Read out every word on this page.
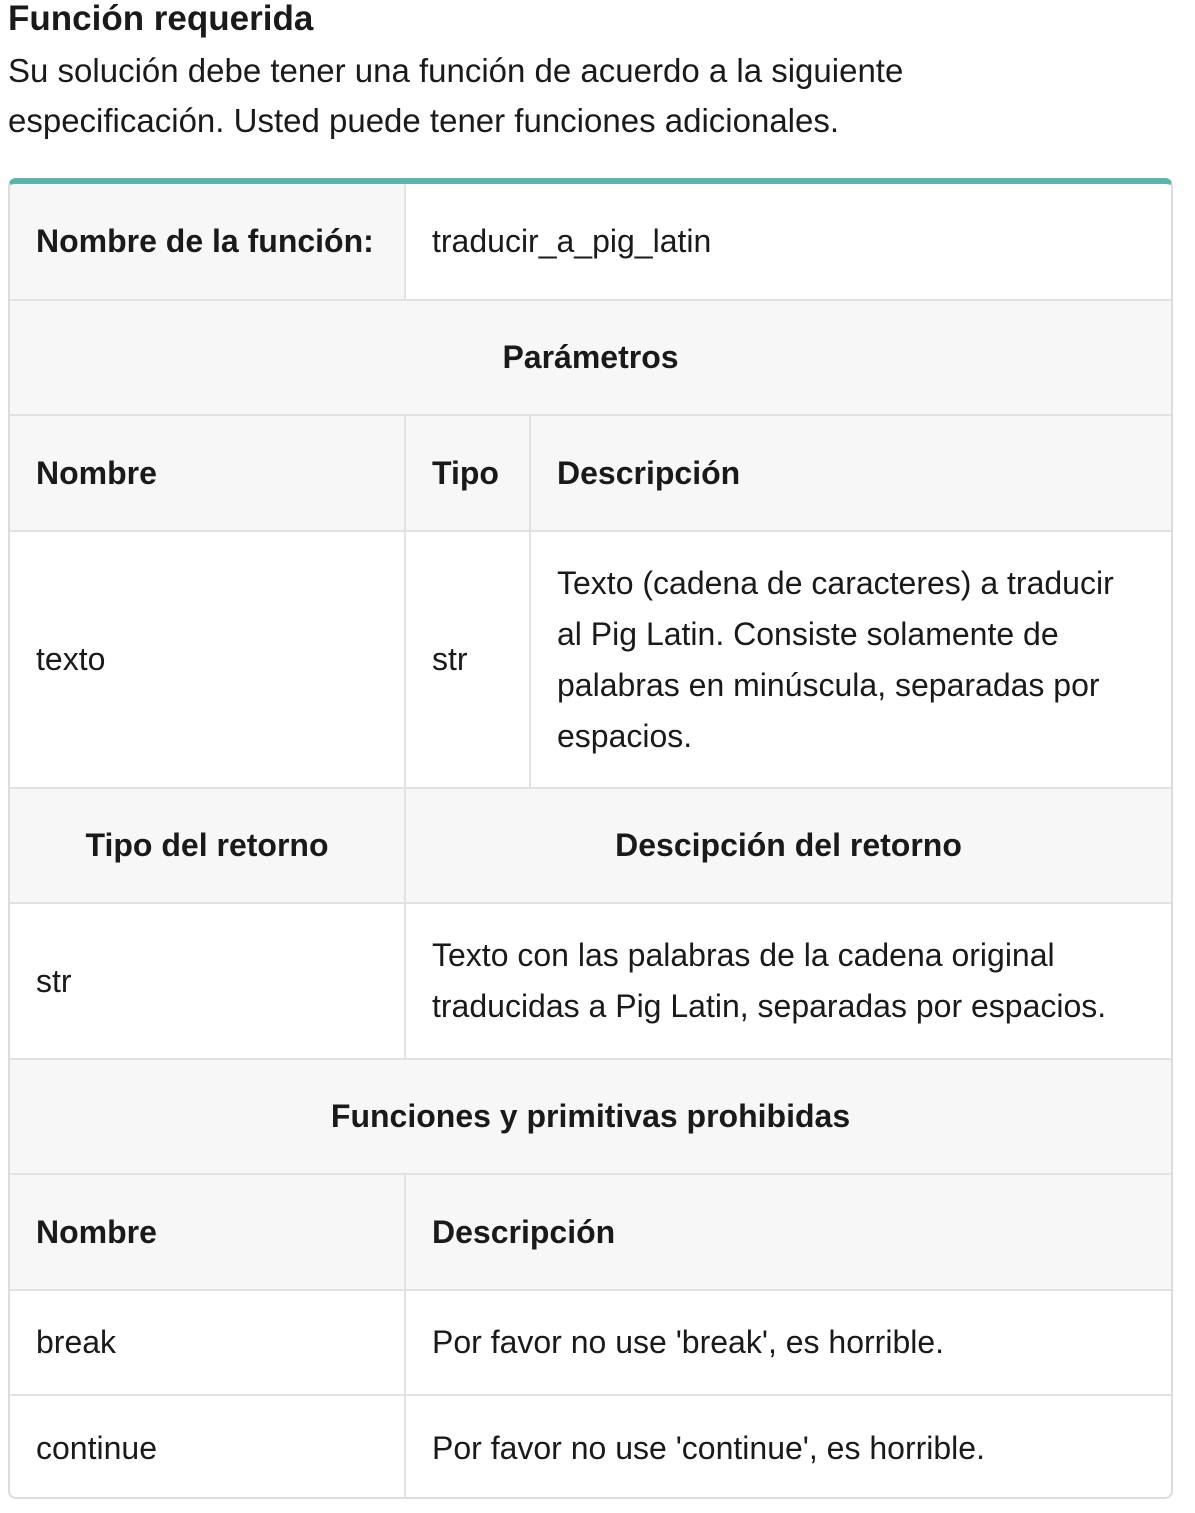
Función requerida

Su solución debe tener una función de acuerdo a la siguiente especificación. Usted puede tener funciones adicionales.

Nombre de la función:	traducir_a_pig_latin	
Parámetros		
Nombre	Tipo	Descripción
texto	str	Texto (cadena de caracteres) a traducir al Pig Latin. Consiste solamente de palabras en minúscula, separadas por espacios.
Tipo del retorno	Descipción del retorno	
str	Texto con las palabras de la cadena original traducidas a Pig Latin, separadas por espacios.	
Funciones y primitivas prohibidas		
Nombre	Descripción	
break	Por favor no use 'break', es horrible.	
continue	Por favor no use 'continue', es horrible.	
